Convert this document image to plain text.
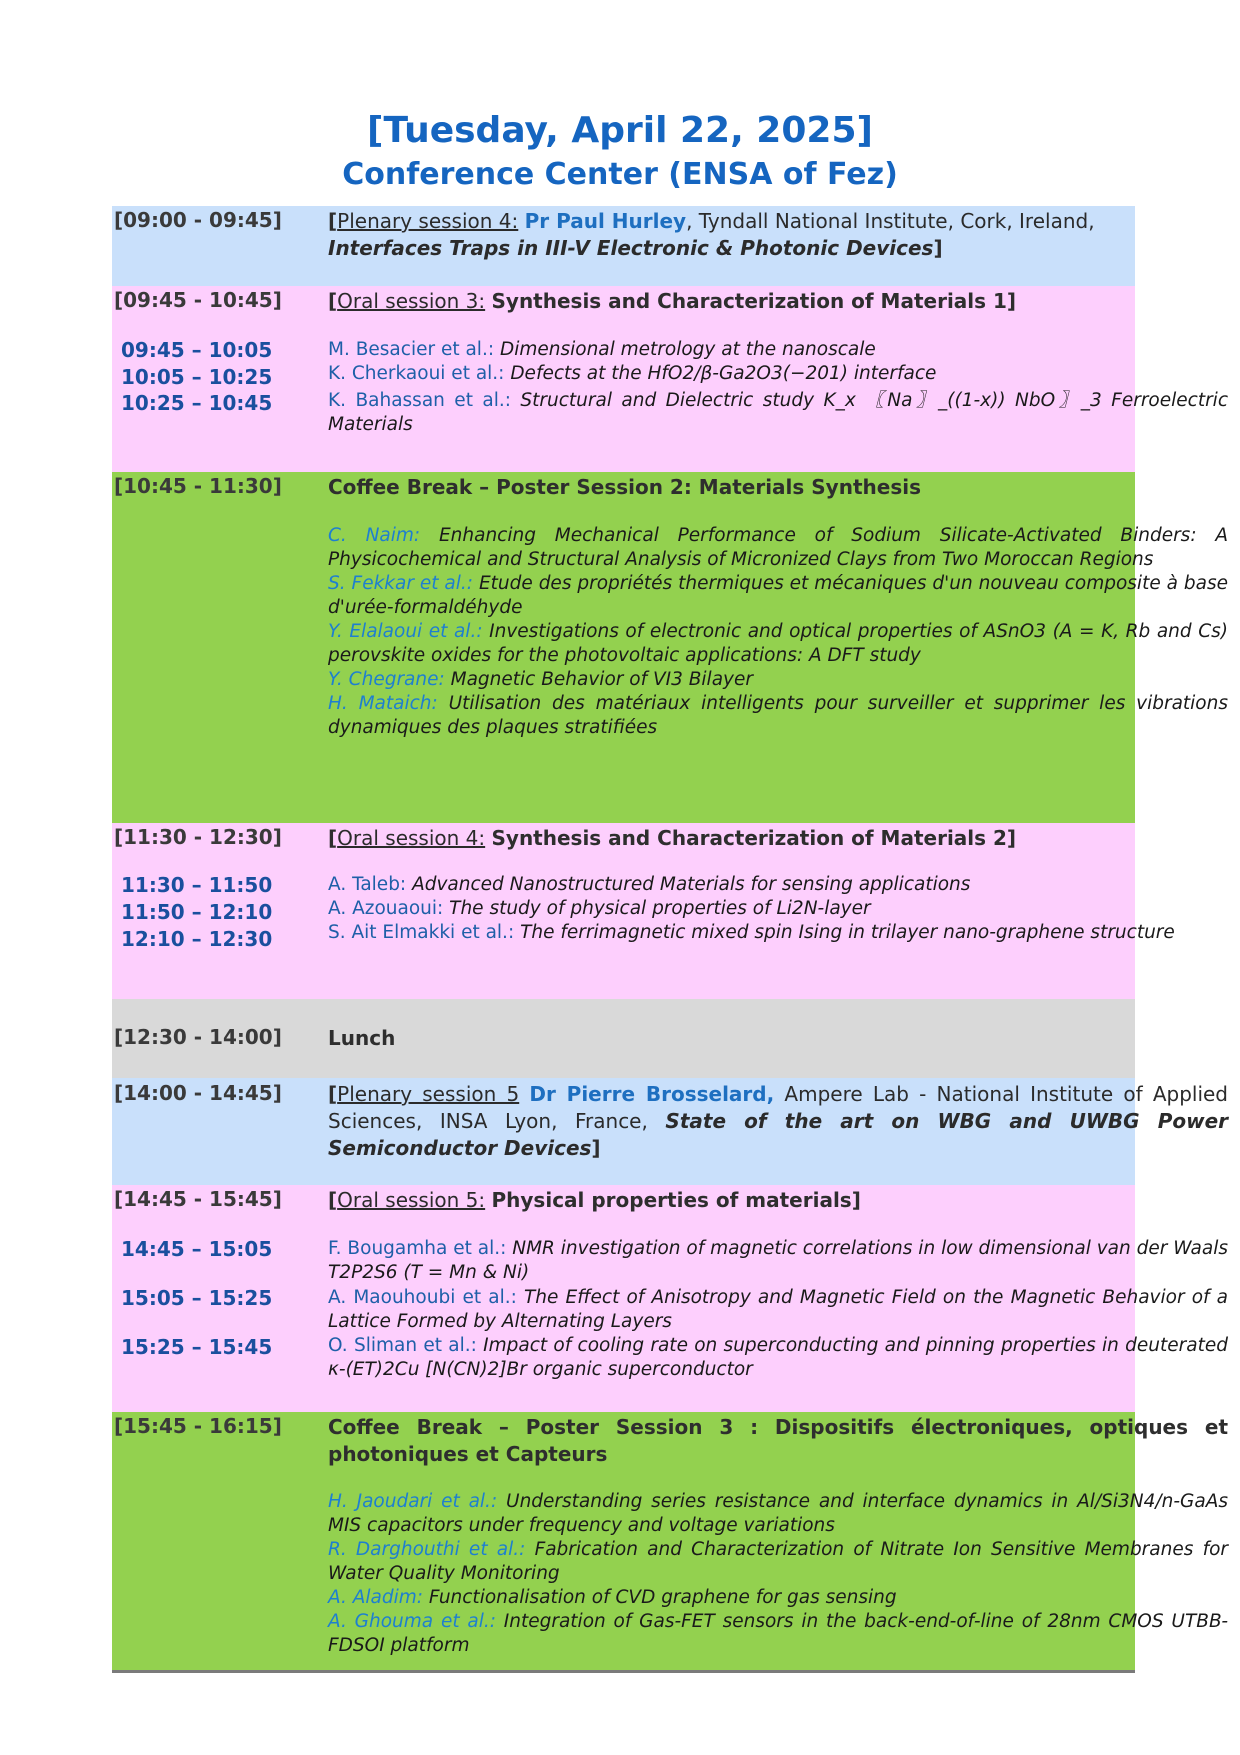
[Tuesday, April 22, 2025]
Conference Center (ENSA of Fez)
[09:00 - 09:45] [Plenary session 4: Pr Paul Hurley, Tyndall National Institute, Cork, Ireland,
Interfaces Traps in III-V Electronic & Photonic Devices]
[09:45 - 10:45] [Oral session 3: Synthesis and Characterization of Materials 1]
09:45 – 10:05
10:05 – 10:25
10:25 – 10:45
M. Besacier et al.: Dimensional metrology at the nanoscale
K. Cherkaoui et al.: Defects at the HfO2/β-Ga2O3(−201) interface
K. Bahassan et al.: Structural and Dielectric study K_x 〖Na〗_((1-x)) NbO〗_3 Ferroelectric Materials
[10:45 - 11:30] Coffee Break – Poster Session 2: Materials Synthesis
C. Naim: Enhancing Mechanical Performance of Sodium Silicate-Activated Binders: A Physicochemical and Structural Analysis of Micronized Clays from Two Moroccan Regions
S. Fekkar et al.: Etude des propriétés thermiques et mécaniques d'un nouveau composite à base d'urée-formaldéhyde
Y. Elalaoui et al.: Investigations of electronic and optical properties of ASnO3 (A = K, Rb and Cs) perovskite oxides for the photovoltaic applications: A DFT study
Y. Chegrane: Magnetic Behavior of VI3 Bilayer
H. Mataich: Utilisation des matériaux intelligents pour surveiller et supprimer les vibrations dynamiques des plaques stratifiées
[11:30 - 12:30] [Oral session 4: Synthesis and Characterization of Materials 2]
11:30 – 11:50
11:50 – 12:10
12:10 – 12:30
A. Taleb: Advanced Nanostructured Materials for sensing applications
A. Azouaoui: The study of physical properties of Li2N-layer
S. Ait Elmakki et al.: The ferrimagnetic mixed spin Ising in trilayer nano-graphene structure
[12:30 - 14:00] Lunch
[14:00 - 14:45] [Plenary session 5 Dr Pierre Brosselard, Ampere Lab - National Institute of Applied Sciences, INSA Lyon, France, State of the art on WBG and UWBG Power Semiconductor Devices]
[14:45 - 15:45] [Oral session 5: Physical properties of materials]
14:45 – 15:05
15:05 – 15:25
15:25 – 15:45
F. Bougamha et al.: NMR investigation of magnetic correlations in low dimensional van der Waals T2P2S6 (T = Mn & Ni)
A. Maouhoubi et al.: The Effect of Anisotropy and Magnetic Field on the Magnetic Behavior of a Lattice Formed by Alternating Layers
O. Sliman et al.: Impact of cooling rate on superconducting and pinning properties in deuterated κ-(ET)2Cu [N(CN)2]Br organic superconductor
[15:45 - 16:15] Coffee Break – Poster Session 3 : Dispositifs électroniques, optiques et photoniques et Capteurs
H. Jaoudari et al.: Understanding series resistance and interface dynamics in Al/Si3N4/n-GaAs MIS capacitors under frequency and voltage variations
R. Darghouthi et al.: Fabrication and Characterization of Nitrate Ion Sensitive Membranes for Water Quality Monitoring
A. Aladim: Functionalisation of CVD graphene for gas sensing
A. Ghouma et al.: Integration of Gas-FET sensors in the back-end-of-line of 28nm CMOS UTBB-FDSOI platform
